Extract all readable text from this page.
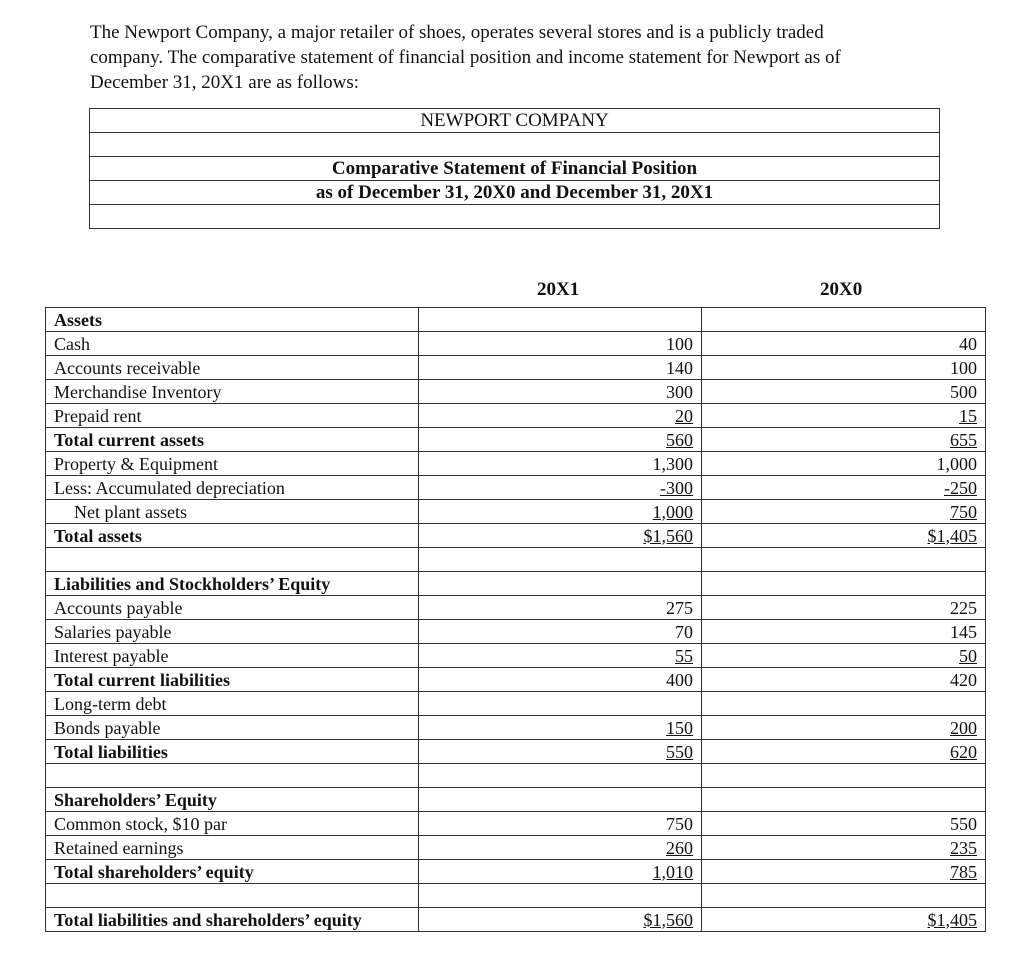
The Newport Company, a major retailer of shoes, operates several stores and is a publicly traded

company. The comparative statement of financial position and income statement for Newport as of

December 31, 20X1 are as follows:

NEWPORT COMPANY

Comparative Statement of Financial Position
as of December 31, 20X0 and December 31, 20X1

20X1	20X0
Assets		
Cash	100	40
Accounts receivable	140	100
Merchandise Inventory	300	500
Prepaid rent	20	15
Total current assets	560	655
Property & Equipment	1,300	1,000
Less: Accumulated depreciation	-300	-250
Net plant assets	1,000	750
Total assets	$1,560	$1,405

Liabilities and Stockholders’ Equity		
Accounts payable	275	225
Salaries payable	70	145
Interest payable	55	50
Total current liabilities	400	420
Long-term debt		
Bonds payable	150	200
Total liabilities	550	620

Shareholders’ Equity		
Common stock, $10 par	750	550
Retained earnings	260	235
Total shareholders’ equity	1,010	785

Total liabilities and shareholders’ equity	$1,560	$1,405
